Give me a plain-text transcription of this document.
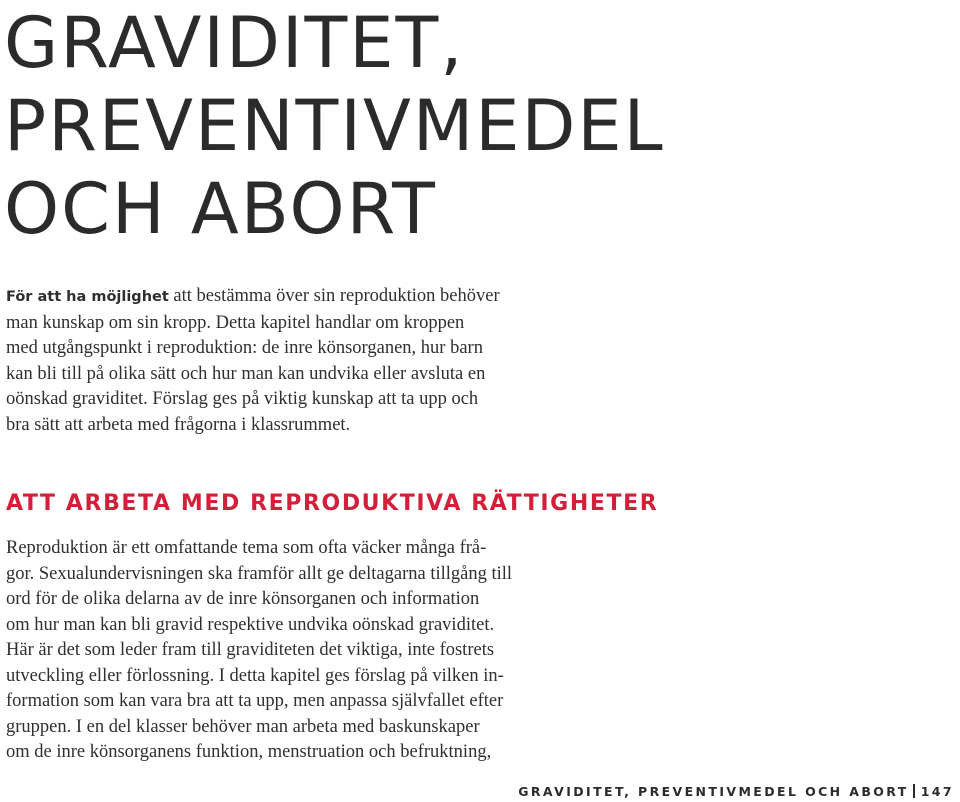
GRAVIDITET,
PREVENTIVMEDEL
OCH ABORT

För att ha möjlighet att bestämma över sin reproduktion behöver
man kunskap om sin kropp. Detta kapitel handlar om kroppen
med utgångspunkt i reproduktion: de inre könsorganen, hur barn
kan bli till på olika sätt och hur man kan undvika eller avsluta en
oönskad graviditet. Förslag ges på viktig kunskap att ta upp och
bra sätt att arbeta med frågorna i klassrummet.

ATT ARBETA MED REPRODUKTIVA RÄTTIGHETER

Reproduktion är ett omfattande tema som ofta väcker många frå-
gor. Sexualundervisningen ska framför allt ge deltagarna tillgång till
ord för de olika delarna av de inre könsorganen och information
om hur man kan bli gravid respektive undvika oönskad graviditet.
Här är det som leder fram till graviditeten det viktiga, inte fostrets
utveckling eller förlossning. I detta kapitel ges förslag på vilken in-
formation som kan vara bra att ta upp, men anpassa självfallet efter
gruppen. I en del klasser behöver man arbeta med baskunskaper
om de inre könsorganens funktion, menstruation och befruktning,

GRAVIDITET, PREVENTIVMEDEL OCH ABORT 147
